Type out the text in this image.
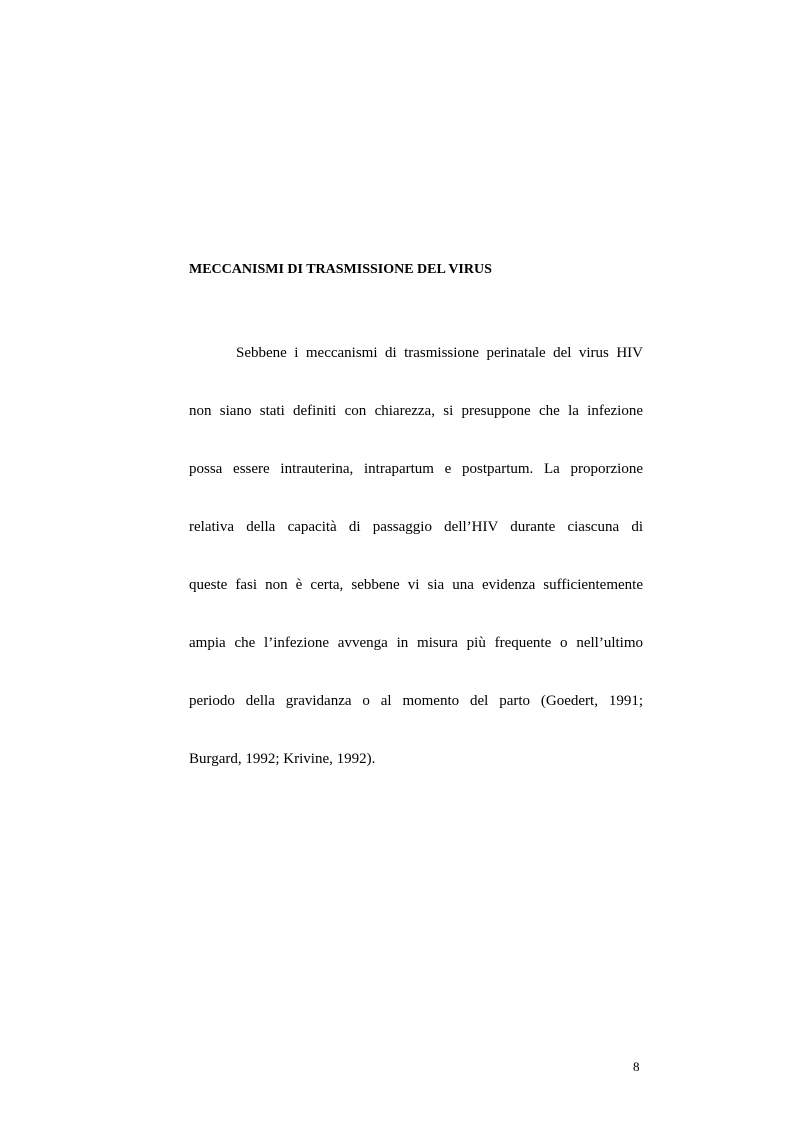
MECCANISMI DI TRASMISSIONE DEL VIRUS
Sebbene i meccanismi di trasmissione perinatale del virus HIV
non siano stati definiti con chiarezza, si presuppone che la infezione
possa essere intrauterina, intrapartum e postpartum. La proporzione
relativa della capacità di passaggio dell’HIV durante ciascuna di
queste fasi non è certa, sebbene vi sia una evidenza sufficientemente
ampia che l’infezione avvenga in misura più frequente o nell’ultimo
periodo della gravidanza o al momento del parto (Goedert, 1991;
Burgard, 1992; Krivine, 1992).
8
